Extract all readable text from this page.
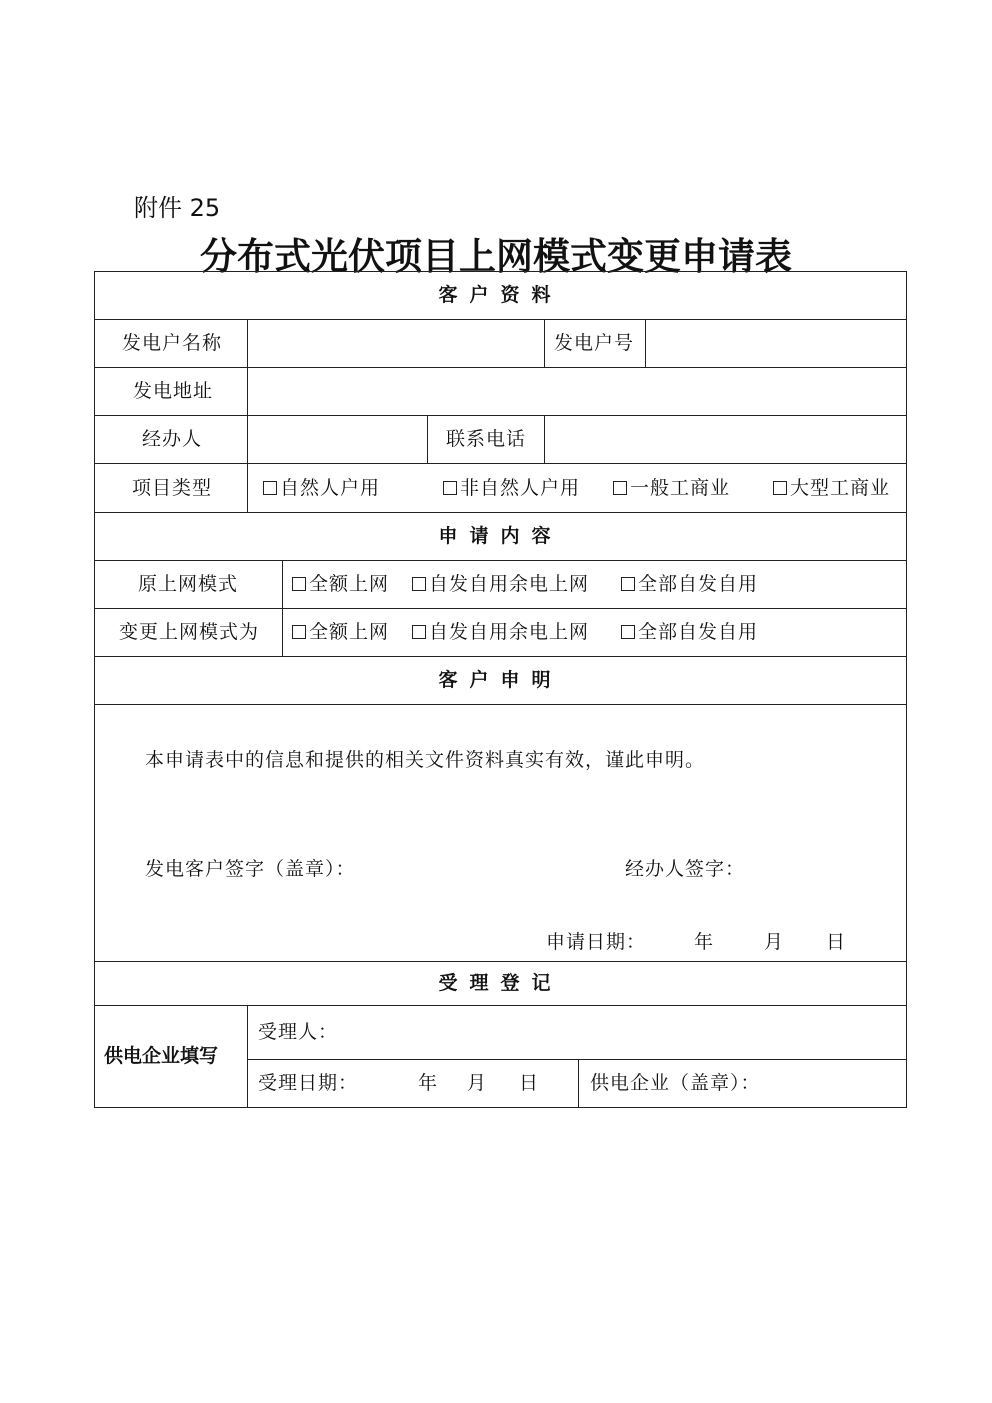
附件 25
分布式光伏项目上网模式变更申请表
客户资料
发电户名称	发电户号
发电地址
经办人	联系电话
项目类型	自然人户用	非自然人户用	一般工商业	大型工商业
申请内容
原上网模式	全额上网	自发自用余电上网	全部自发自用
变更上网模式为	全额上网	自发自用余电上网	全部自发自用
客户申明
本申请表中的信息和提供的相关文件资料真实有效，谨此申明。
发电客户签字（盖章）：	经办人签字：
申请日期：	年	月 日
受理登记
供电企业填写
受理人：
受理日期：	年 月 日	供电企业（盖章）：
